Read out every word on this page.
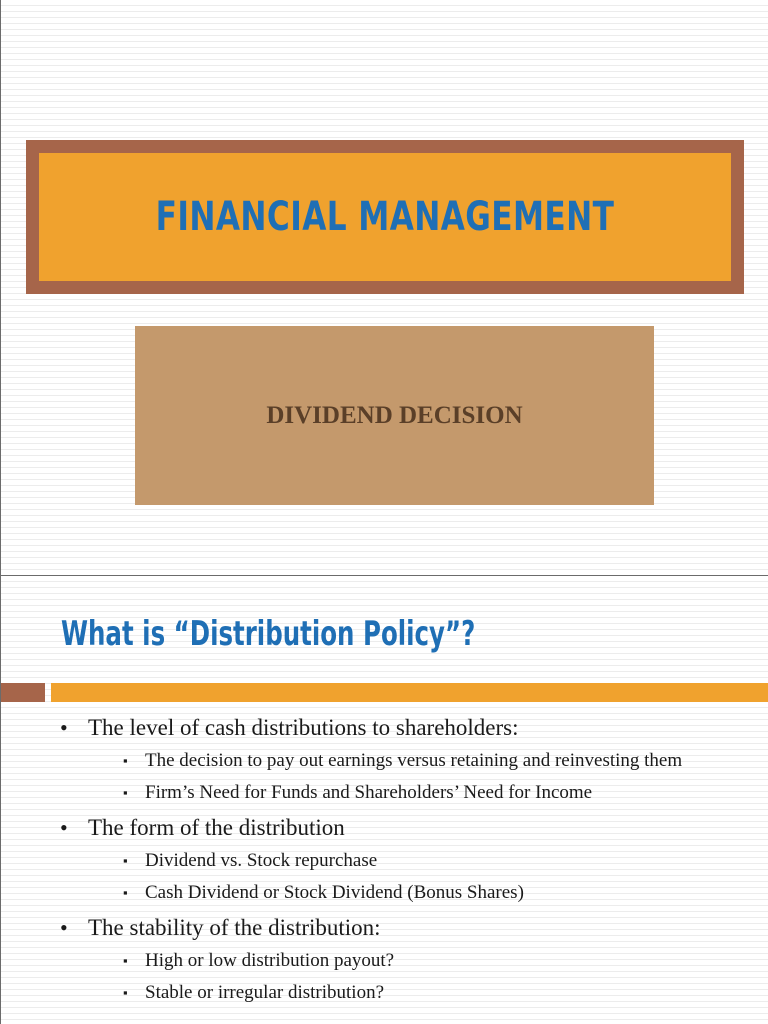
FINANCIAL MANAGEMENT
DIVIDEND DECISION
What is “Distribution Policy”?
• The level of cash distributions to shareholders:
▪ The decision to pay out earnings versus retaining and reinvesting them
▪ Firm’s Need for Funds and Shareholders’ Need for Income
• The form of the distribution
▪ Dividend vs. Stock repurchase
▪ Cash Dividend or Stock Dividend (Bonus Shares)
• The stability of the distribution:
▪ High or low distribution payout?
▪ Stable or irregular distribution?
